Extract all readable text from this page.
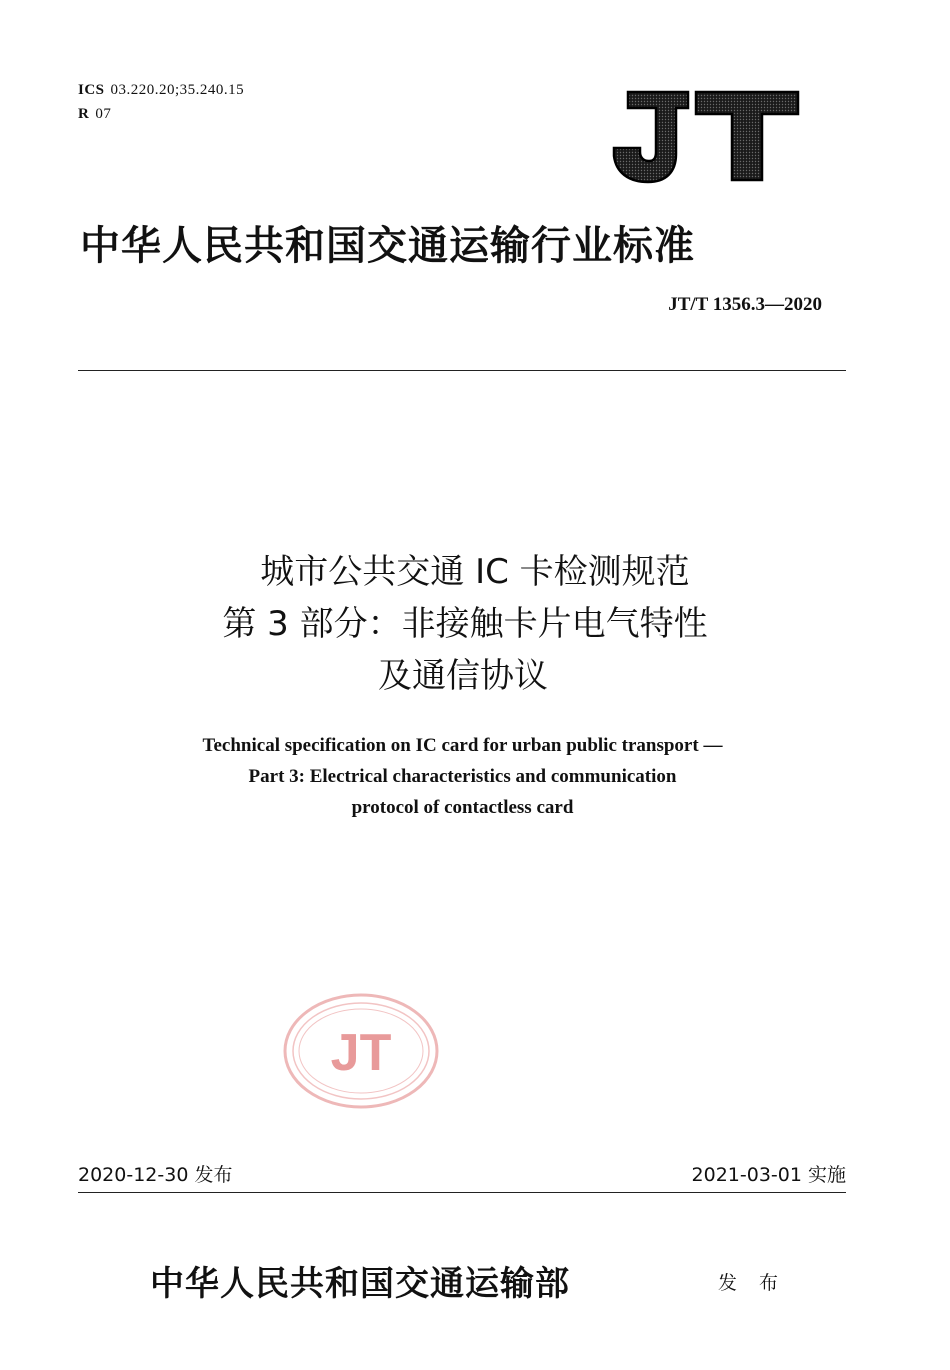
ICS 03.220.20;35.240.15
R 07
JT
中华人民共和国交通运输行业标准
JT/T 1356.3—2020
城市公共交通 IC 卡检测规范
第 3 部分：非接触卡片电气特性
及通信协议
Technical specification on IC card for urban public transport —
Part 3: Electrical characteristics and communication
protocol of contactless card
JT
2020-12-30 发布	2021-03-01 实施
中华人民共和国交通运输部	发 布
